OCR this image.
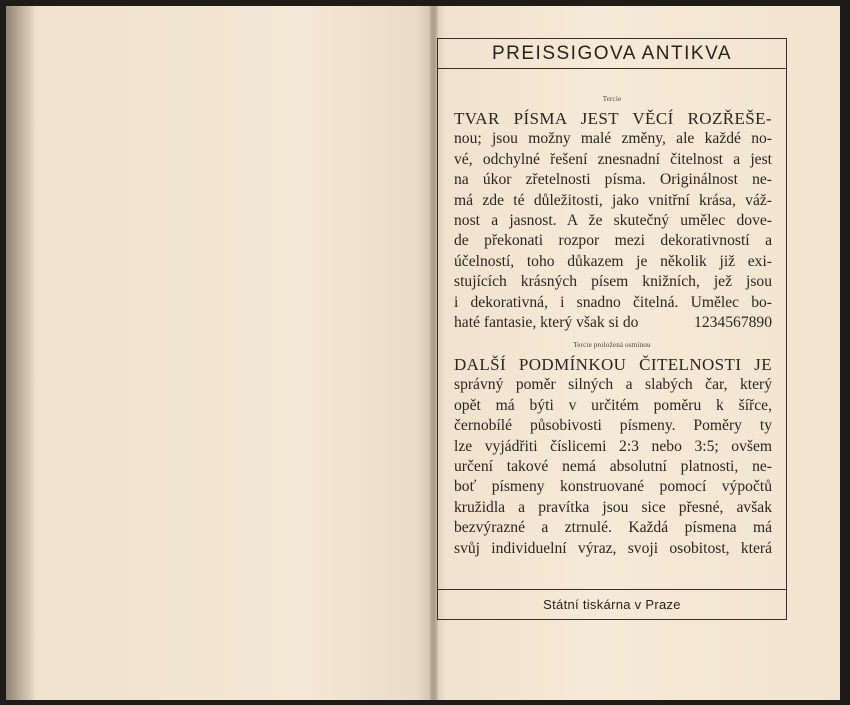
PREISSIGOVA ANTIKVA
Tercie
TVAR PÍSMA JEST VĚCÍ ROZŘEŠE-
nou; jsou možny malé změny, ale každé no-
vé, odchylné řešení znesnadní čitelnost a jest
na úkor zřetelnosti písma. Originálnost ne-
má zde té důležitosti, jako vnitřní krása, váž-
nost a jasnost. A že skutečný umělec dove-
de překonati rozpor mezi dekorativností a
účelností, toho důkazem je několik již exi-
stujících krásných písem knižních, jež jsou
i dekorativná, i snadno čitelná. Umělec bo-
haté fantasie, který však si do	1234567890
Tercie proložená osminou
DALŠÍ PODMÍNKOU ČITELNOSTI JE
správný poměr silných a slabých čar, který
opět má býti v určitém poměru k šířce,
černobílé působivosti písmeny. Poměry ty
lze vyjádřiti číslicemi 2:3 nebo 3:5; ovšem
určení takové nemá absolutní platnosti, ne-
boť písmeny konstruované pomocí výpočtů
kružidla a pravítka jsou sice přesné, avšak
bezvýrazné a ztrnulé. Každá písmena má
svůj individuelní výraz, svoji osobitost, která
Státní tiskárna v Praze
